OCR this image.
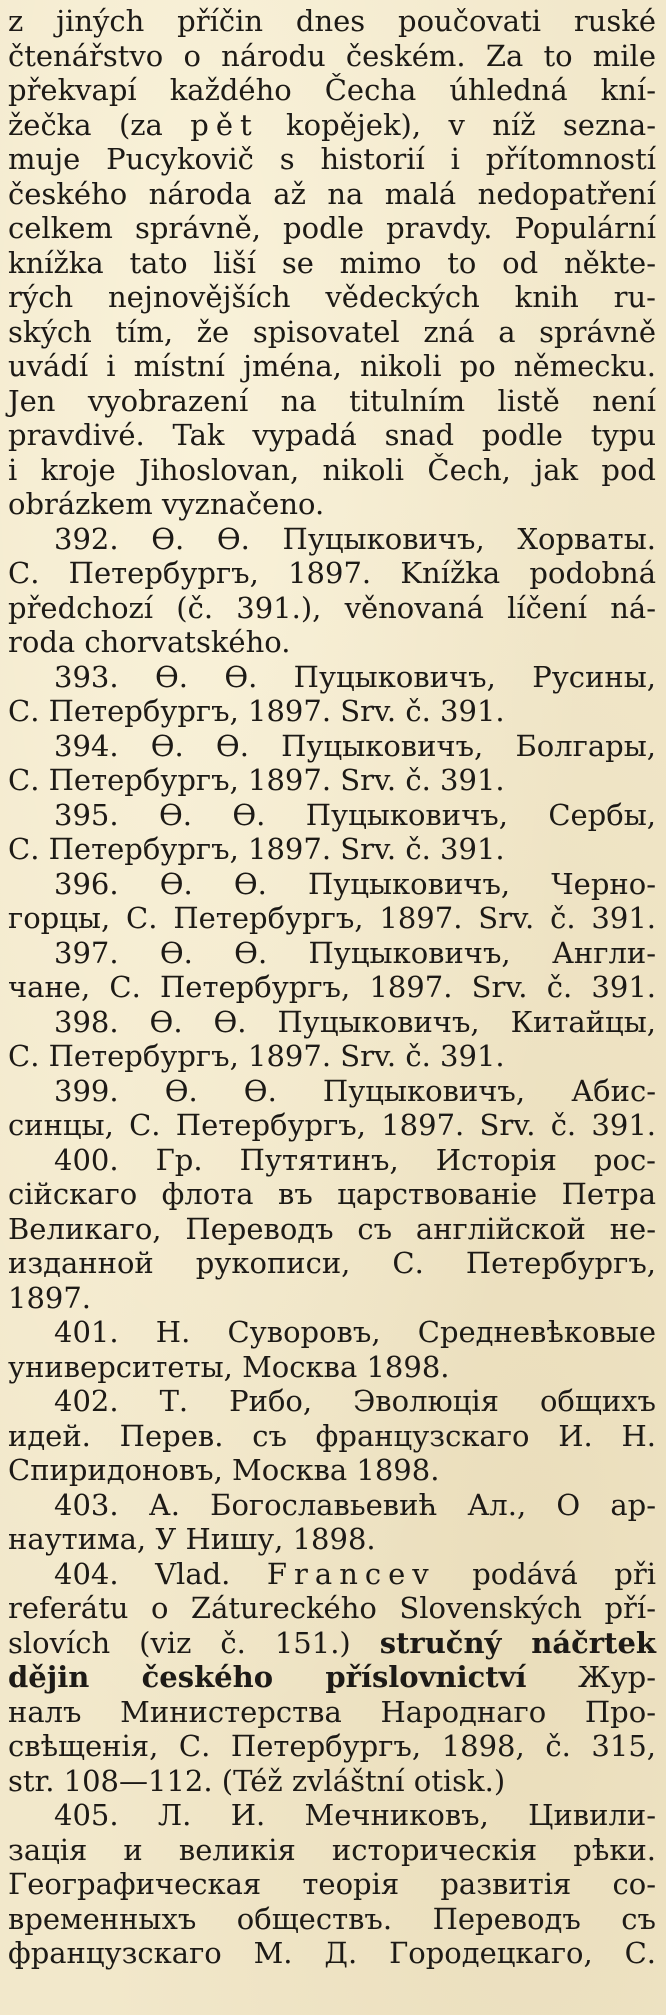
z jiných příčin dnes poučovati ruské
čtenářstvo o národu českém. Za to mile
překvapí každého Čecha úhledná kní-
žečka (za pět kopějek), v níž sezna-
muje Pucykovič s historií i přítomností
českého národa až na malá nedopatření
celkem správně, podle pravdy. Populární
knížka tato liší se mimo to od někte-
rých nejnovějších vědeckých knih ru-
ských tím, že spisovatel zná a správně
uvádí i místní jména, nikoli po německu.
Jen vyobrazení na titulním listě není
pravdivé. Tak vypadá snad podle typu
i kroje Jihoslovan, nikoli Čech, jak pod
obrázkem vyznačeno.
392. Ѳ. Ѳ. Пуцыковичъ, Хорваты.
С. Петербургъ, 1897. Knížka podobná
předchozí (č. 391.), věnovaná líčení ná-
roda chorvatského.
393. Ѳ. Ѳ. Пуцыковичъ, Русины,
С. Петербургъ, 1897. Srv. č. 391.
394. Ѳ. Ѳ. Пуцыковичъ, Болгары,
С. Петербургъ, 1897. Srv. č. 391.
395. Ѳ. Ѳ. Пуцыковичъ, Сербы,
С. Петербургъ, 1897. Srv. č. 391.
396. Ѳ. Ѳ. Пуцыковичъ, Черно-
горцы, С. Петербургъ, 1897. Srv. č. 391.
397. Ѳ. Ѳ. Пуцыковичъ, Англи-
чане, С. Петербургъ, 1897. Srv. č. 391.
398. Ѳ. Ѳ. Пуцыковичъ, Китайцы,
С. Петербургъ, 1897. Srv. č. 391.
399. Ѳ. Ѳ. Пуцыковичъ, Абис-
синцы, С. Петербургъ, 1897. Srv. č. 391.
400. Гр. Путятинъ, Исторія рос-
сійскаго флота въ царствованіе Петра
Великаго, Переводъ съ англійской не-
изданной рукописи, С. Петербургъ,
1897.
401. Н. Суворовъ, Средневѣковые
университеты, Москва 1898.
402. Т. Рибо, Эволюція общихъ
идей. Перев. съ французскаго И. Н.
Спиридоновъ, Москва 1898.
403. А. Богославьевић Ал., О ар-
наутима, У Нишу, 1898.
404. Vlad. Francev podává při
referátu o Zátureckého Slovenských pří-
slovích (viz č. 151.) stručný náčrtek
dějin českého příslovnictví Жур-
налъ Министерства Народнаго Про-
свѣщенія, С. Петербургъ, 1898, č. 315,
str. 108—112. (Též zvláštní otisk.)
405. Л. И. Мечниковъ, Цивили-
зація и великія историческія рѣки.
Географическая теорія развитія со-
временныхъ обществъ. Переводъ съ
французскаго М. Д. Городецкаго, С.
